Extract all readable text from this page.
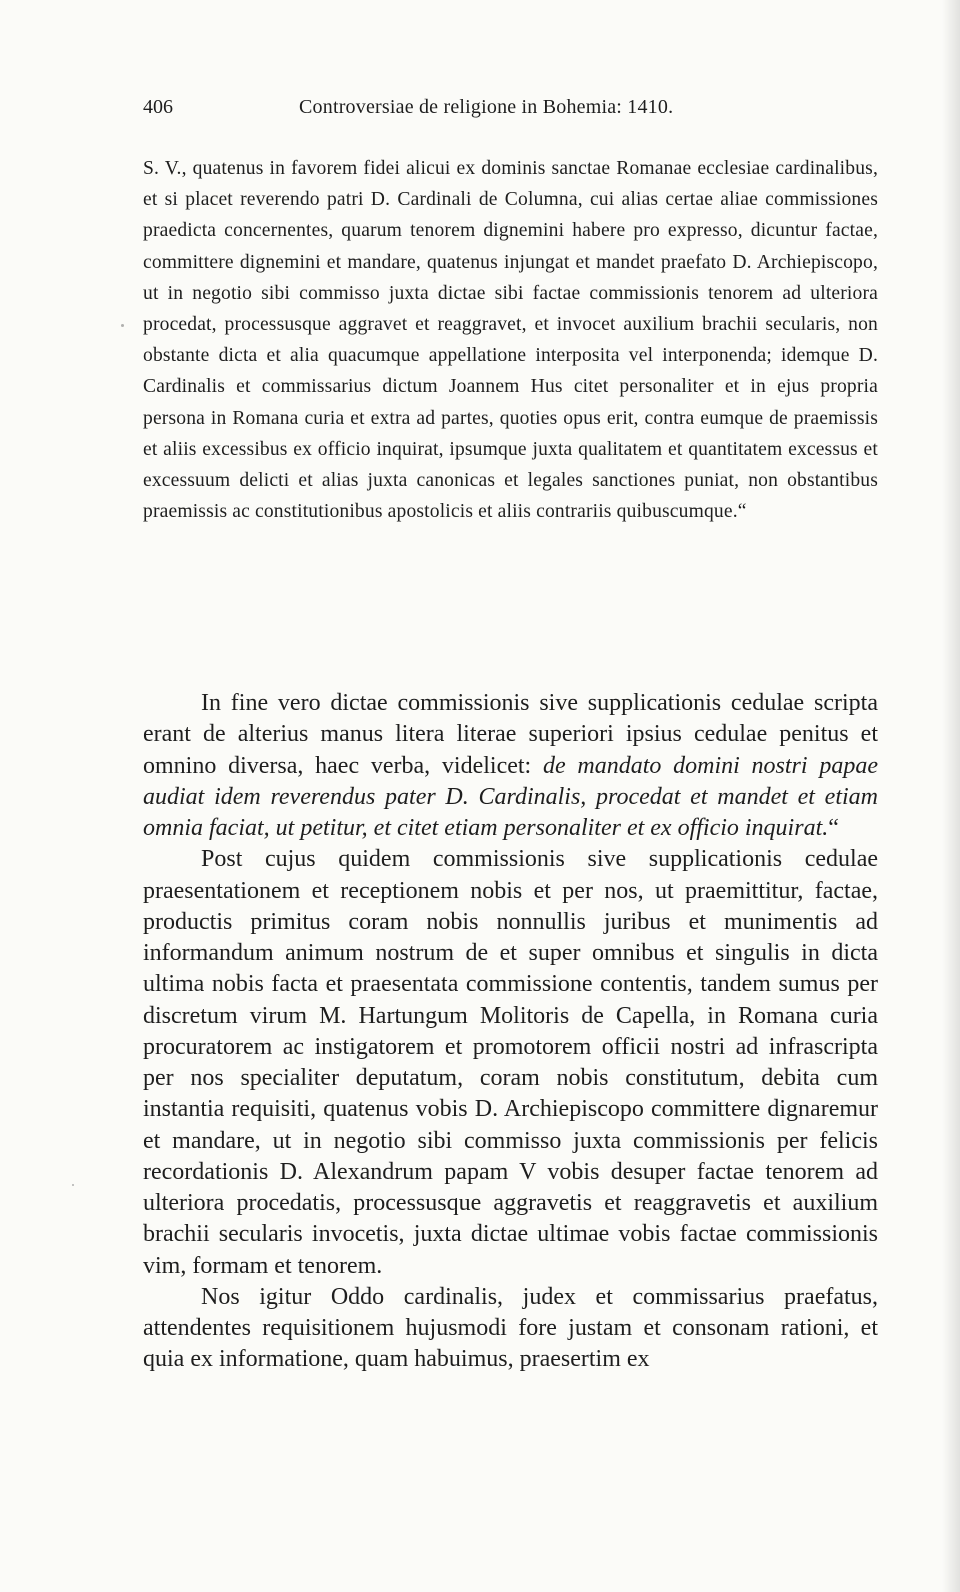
406	Controversiae de religione in Bohemia: 1410.

S. V., quatenus in favorem fidei alicui ex dominis sanctae Romanae ecclesiae cardinalibus, et si placet reverendo patri D. Cardinali de Columna, cui alias certae aliae commissiones praedicta concernentes, quarum tenorem dignemini habere pro expresso, dicuntur factae, committere dignemini et mandare, quatenus injungat et mandet praefato D. Archiepiscopo, ut in negotio sibi commisso juxta dictae sibi factae commissionis tenorem ad ulteriora procedat, processusque aggravet et reaggravet, et invocet auxilium brachii secularis, non obstante dicta et alia quacumque appellatione interposita vel interponenda; idemque D. Cardinalis et commissarius dictum Joannem Hus citet personaliter et in ejus propria persona in Romana curia et extra ad partes, quoties opus erit, contra eumque de praemissis et aliis excessibus ex officio inquirat, ipsumque juxta qualitatem et quantitatem excessus et excessuum delicti et alias juxta canonicas et legales sanctiones puniat, non obstantibus praemissis ac constitutionibus apostolicis et aliis contrariis quibuscumque.“

In fine vero dictae commissionis sive supplicationis cedulae scripta erant de alterius manus litera literae superiori ipsius cedulae penitus et omnino diversa, haec verba, videlicet: de mandato domini nostri papae audiat idem reverendus pater D. Cardinalis, procedat et mandet et etiam omnia faciat, ut petitur, et citet etiam personaliter et ex officio inquirat.“

Post cujus quidem commissionis sive supplicationis cedulae praesentationem et receptionem nobis et per nos, ut praemittitur, factae, productis primitus coram nobis nonnullis juribus et munimentis ad informandum animum nostrum de et super omnibus et singulis in dicta ultima nobis facta et praesentata commissione contentis, tandem sumus per discretum virum M. Hartungum Molitoris de Capella, in Romana curia procuratorem ac instigatorem et promotorem officii nostri ad infrascripta per nos specialiter deputatum, coram nobis constitutum, debita cum instantia requisiti, quatenus vobis D. Archiepiscopo committere dignaremur et mandare, ut in negotio sibi commisso juxta commissionis per felicis recordationis D. Alexandrum papam V vobis desuper factae tenorem ad ulteriora procedatis, processusque aggravetis et reaggravetis et auxilium brachii secularis invocetis, juxta dictae ultimae vobis factae commissionis vim, formam et tenorem.

Nos igitur Oddo cardinalis, judex et commissarius praefatus, attendentes requisitionem hujusmodi fore justam et consonam rationi, et quia ex informatione, quam habuimus, praesertim ex
